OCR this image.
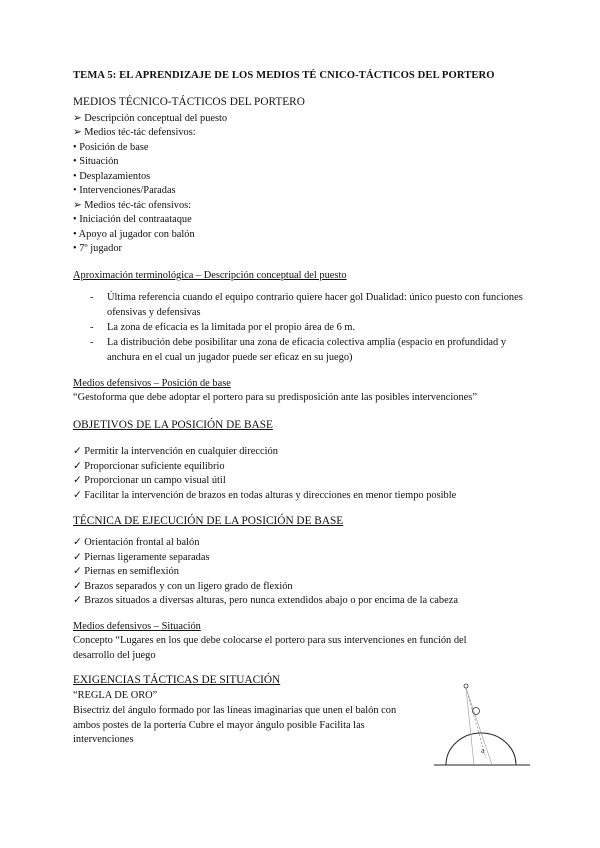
TEMA 5: EL APRENDIZAJE DE LOS MEDIOS TÉ CNICO-TÁCTICOS DEL PORTERO
MEDIOS TÉCNICO-TÁCTICOS DEL PORTERO
➢ Descripción conceptual del puesto
➢ Medios téc-tác defensivos:
• Posición de base
• Situación
• Desplazamientos
• Intervenciones/Paradas
➢ Medios téc-tác ofensivos:
• Iniciación del contraataque
• Apoyo al jugador con balón
• 7º jugador
Aproximación terminológica – Descripción conceptual del puesto
- Última referencia cuando el equipo contrario quiere hacer gol Dualidad: único puesto con funciones ofensivas y defensivas
- La zona de eficacia es la limitada por el propio área de 6 m.
- La distribución debe posibilitar una zona de eficacia colectiva amplia (espacio en profundidad y anchura en el cual un jugador puede ser eficaz en su juego)
Medios defensivos – Posición de base
“Gestoforma que debe adoptar el portero para su predisposición ante las posibles intervenciones”
OBJETIVOS DE LA POSICIÓN DE BASE
✓ Permitir la intervención en cualquier dirección
✓ Proporcionar suficiente equilibrio
✓ Proporcionar un campo visual útil
✓ Facilitar la intervención de brazos en todas alturas y direcciones en menor tiempo posible
TÉCNICA DE EJECUCIÓN DE LA POSICIÓN DE BASE
✓ Orientación frontal al balón
✓ Piernas ligeramente separadas
✓ Piernas en semiflexión
✓ Brazos separados y con un ligero grado de flexión
✓ Brazos situados a diversas alturas, pero nunca extendidos abajo o por encima de la cabeza
Medios defensivos – Situación
Concepto “Lugares en los que debe colocarse el portero para sus intervenciones en función del desarrollo del juego
EXIGENCIAS TÁCTICAS DE SITUACIÓN
“REGLA DE ORO”
Bisectriz del ángulo formado por las líneas imaginarias que unen el balón con ambos postes de la portería Cubre el mayor ángulo posible Facilita las intervenciones
a
